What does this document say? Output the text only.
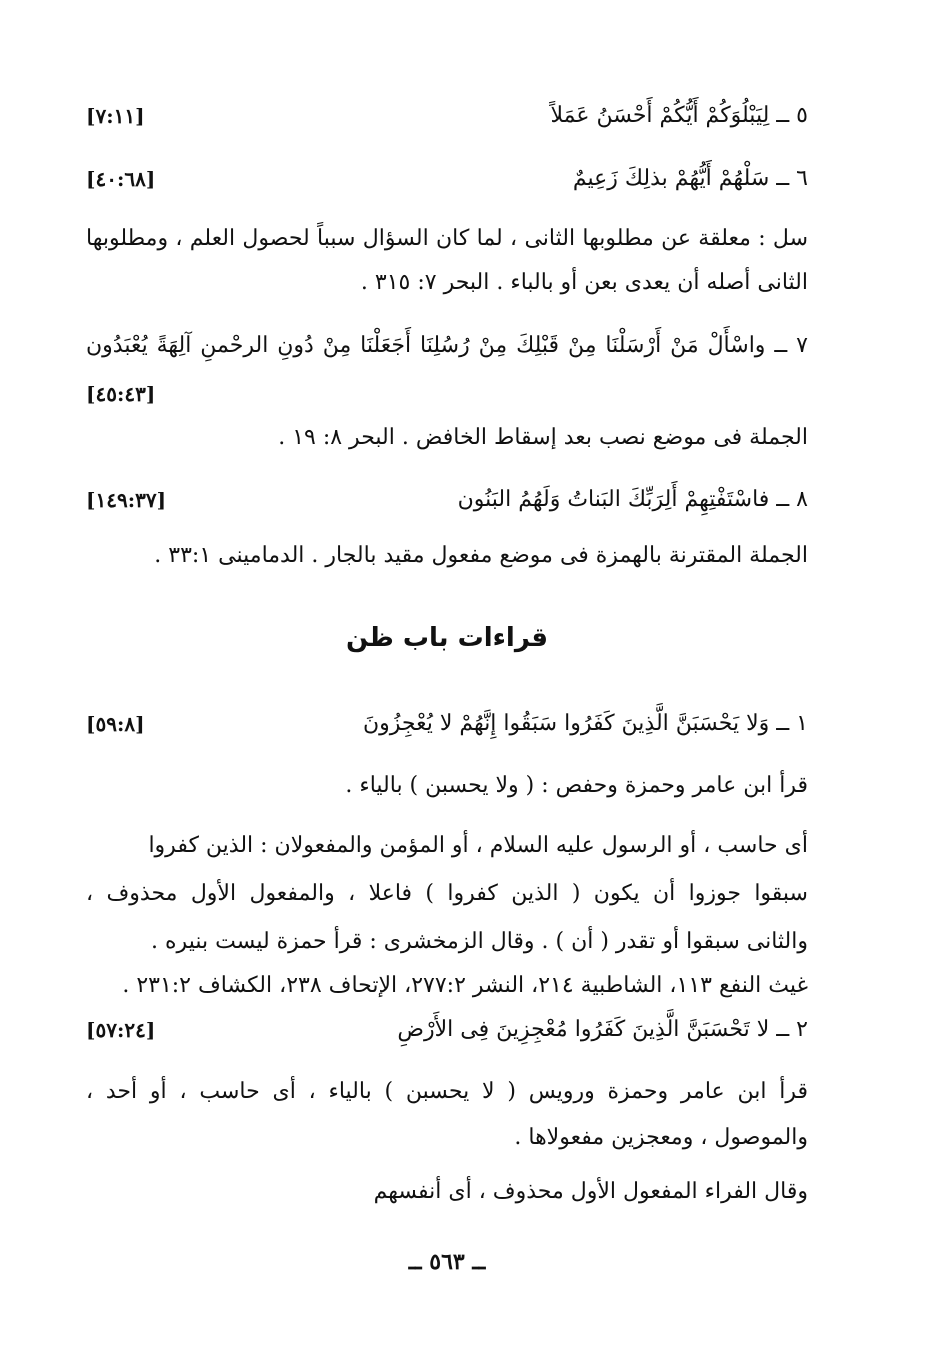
٥ ــ لِيَبْلُوَكُمْ أَيُّكُمْ أَحْسَنُ عَمَلاً
[٧:١١]
٦ ــ سَلْهُمْ أَيُّهُمْ بذلِكَ زَعِيمٌ
[٤٠:٦٨]
سل : معلقة عن مطلوبها الثانى ، لما كان السؤال سبباً لحصول العلم ، ومطلوبها
الثانى أصله أن يعدى بعن أو بالباء . البحر ٧: ٣١٥ .
٧ ــ واسْأَلْ مَنْ أَرْسَلْنَا مِنْ قَبْلِكَ مِنْ رُسُلِنَا أَجَعَلْنَا مِنْ دُونِ الرحْمنِ آلِهَةً يُعْبَدُون
[٤٥:٤٣]
الجملة فى موضع نصب بعد إسقاط الخافض . البحر ٨: ١٩ .
٨ ــ فاسْتَفْتِهِمْ أَلِرَبِّكَ البَناتُ وَلَهُمُ البَنُون
[١٤٩:٣٧]
الجملة المقترنة بالهمزة فى موضع مفعول مقيد بالجار . الدمامينى ٣٣:١ .
قراءات باب ظن
١ ــ وَلا يَحْسَبَنَّ الَّذِينَ كَفَرُوا سَبَقُوا إِنَّهُمْ لا يُعْجِزُونَ
[٥٩:٨]
قرأ ابن عامر وحمزة وحفص : ( ولا يحسبن ) بالياء .
أى حاسب ، أو الرسول عليه السلام ، أو المؤمن والمفعولان : الذين كفروا
سبقوا جوزوا أن يكون ( الذين كفروا ) فاعلا ، والمفعول الأول محذوف ،
والثانى سبقوا أو تقدر ( أن ) . وقال الزمخشرى : قرأ حمزة ليست بنيره .
غيث النفع ١١٣، الشاطبية ٢١٤، النشر ٢٧٧:٢، الإتحاف ٢٣٨، الكشاف ٢٣١:٢ .
٢ ــ لا تَحْسَبَنَّ الَّذِينَ كَفَرُوا مُعْجِزِينَ فِى الأَرْضِ
[٥٧:٢٤]
قرأ ابن عامر وحمزة ورويس ( لا يحسبن ) بالياء ، أى حاسب ، أو أحد ،
والموصول ، ومعجزين مفعولاها .
وقال الفراء المفعول الأول محذوف ، أى أنفسهم
ــ ٥٦٣ ــ
